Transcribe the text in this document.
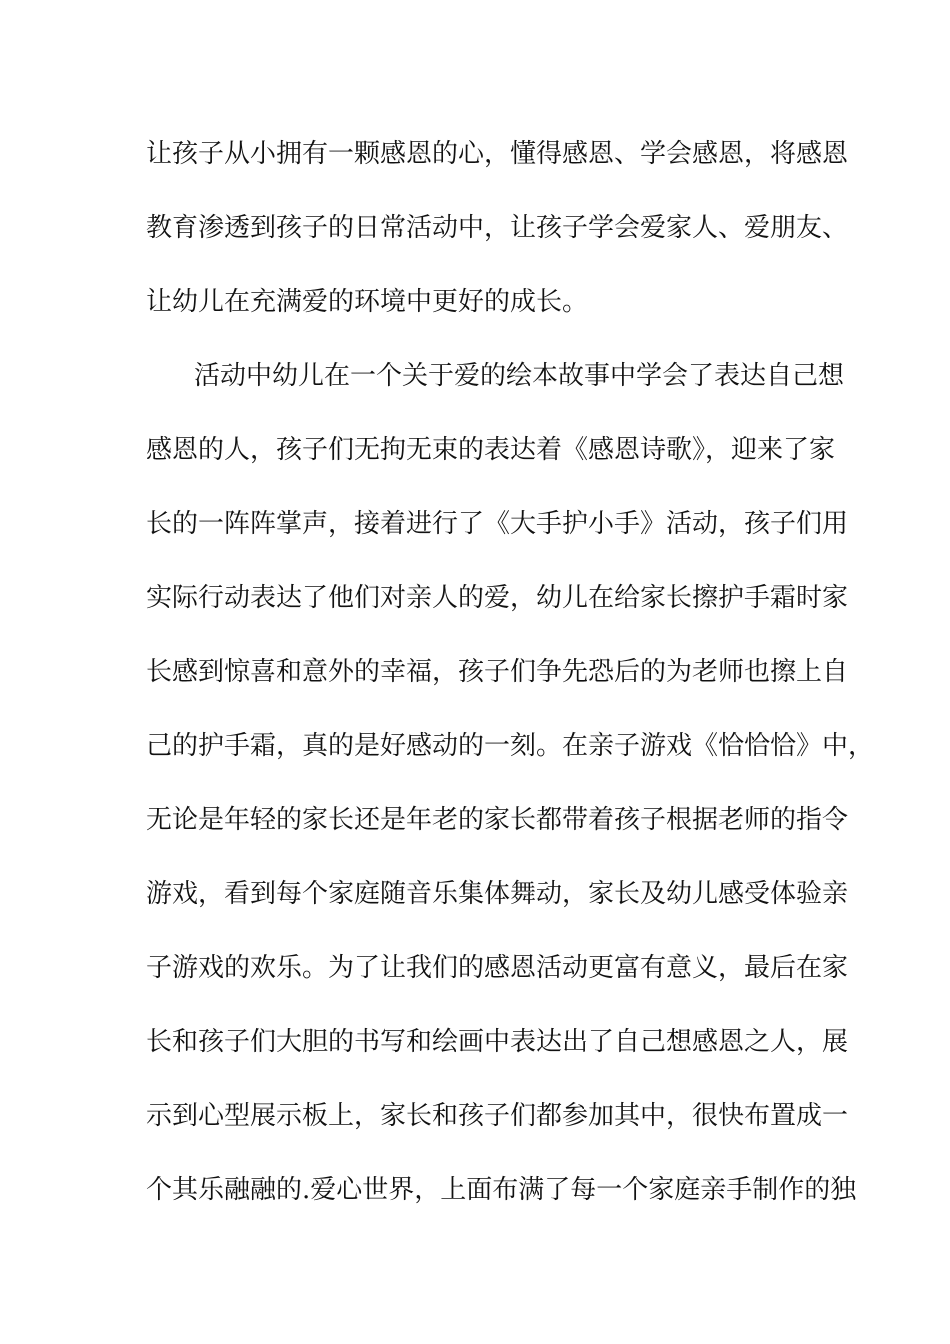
让孩子从小拥有一颗感恩的心，懂得感恩、学会感恩，将感恩
教育渗透到孩子的日常活动中，让孩子学会爱家人、爱朋友、
让幼儿在充满爱的环境中更好的成长。
活动中幼儿在一个关于爱的绘本故事中学会了表达自己想
感恩的人，孩子们无拘无束的表达着《感恩诗歌》，迎来了家
长的一阵阵掌声，接着进行了《大手护小手》活动，孩子们用
实际行动表达了他们对亲人的爱，幼儿在给家长擦护手霜时家
长感到惊喜和意外的幸福，孩子们争先恐后的为老师也擦上自
己的护手霜，真的是好感动的一刻。在亲子游戏《恰恰恰》中，
无论是年轻的家长还是年老的家长都带着孩子根据老师的指令
游戏，看到每个家庭随音乐集体舞动，家长及幼儿感受体验亲
子游戏的欢乐。为了让我们的感恩活动更富有意义，最后在家
长和孩子们大胆的书写和绘画中表达出了自己想感恩之人，展
示到心型展示板上，家长和孩子们都参加其中，很快布置成一
个其乐融融的.爱心世界，上面布满了每一个家庭亲手制作的独
